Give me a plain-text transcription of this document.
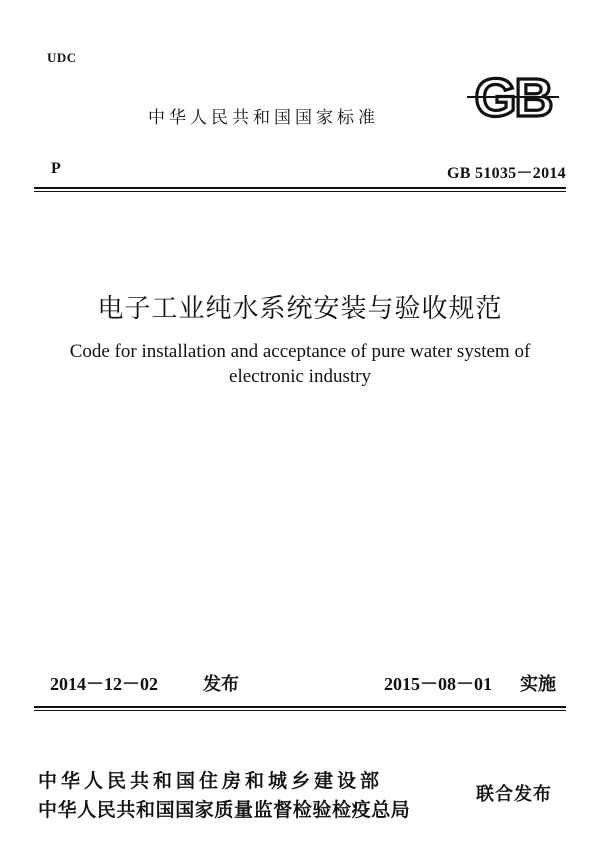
UDC
中华人民共和国国家标准 GB
P	GB 51035－2014
电子工业纯水系统安装与验收规范
Code for installation and acceptance of pure water system of
electronic industry
2014－12－02	发布	2015－08－01 实施
中华人民共和国住房和城乡建设部
中华人民共和国国家质量监督检验检疫总局
联合发布
